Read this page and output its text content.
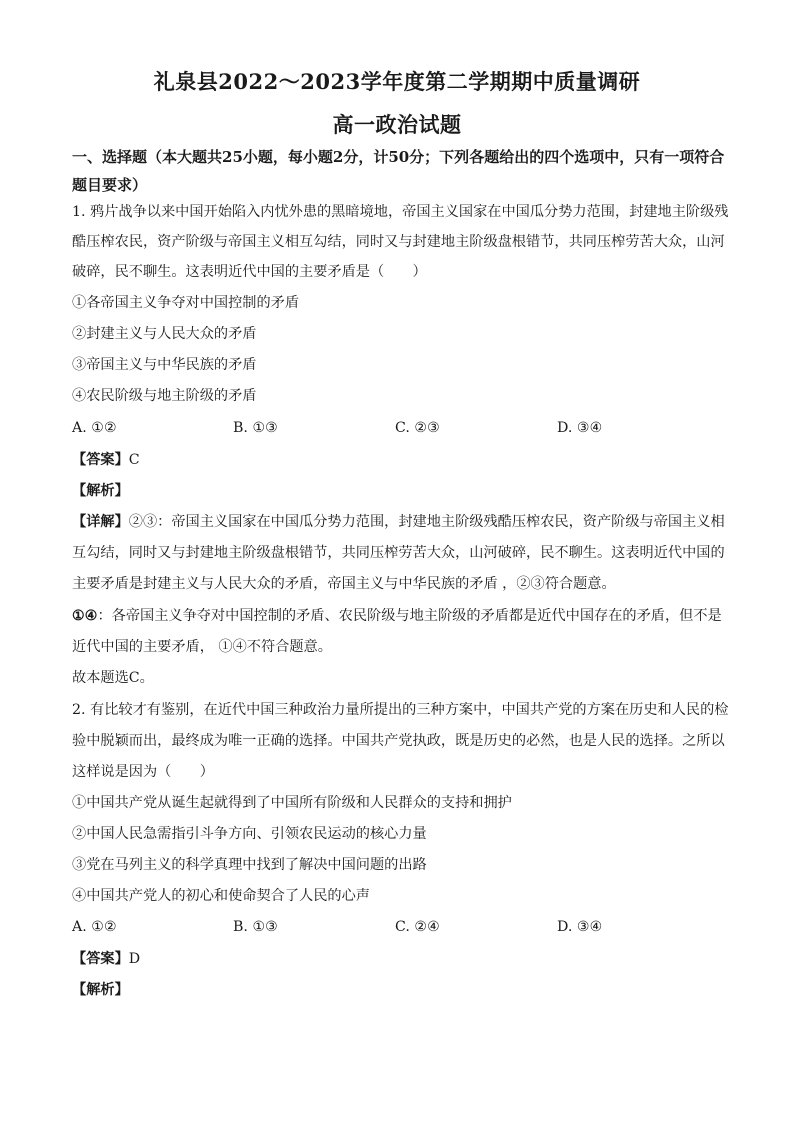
礼泉县2022～2023学年度第二学期期中质量调研
高一政治试题
一、选择题（本大题共25小题，每小题2分，计50分；下列各题给出的四个选项中，只有一项符合题目要求）
1. 鸦片战争以来中国开始陷入内忧外患的黑暗境地，帝国主义国家在中国瓜分势力范围，封建地主阶级残
酷压榨农民，资产阶级与帝国主义相互勾结，同时又与封建地主阶级盘根错节，共同压榨劳苦大众，山河
破碎，民不聊生。这表明近代中国的主要矛盾是（　　）
①各帝国主义争夺对中国控制的矛盾
②封建主义与人民大众的矛盾
③帝国主义与中华民族的矛盾
④农民阶级与地主阶级的矛盾
A. ①②	B. ①③	C. ②③	D. ③④
【答案】C
【解析】
【详解】②③：帝国主义国家在中国瓜分势力范围，封建地主阶级残酷压榨农民，资产阶级与帝国主义相
互勾结，同时又与封建地主阶级盘根错节，共同压榨劳苦大众，山河破碎，民不聊生。这表明近代中国的
主要矛盾是封建主义与人民大众的矛盾，帝国主义与中华民族的矛盾 ，②③符合题意。
①④：各帝国主义争夺对中国控制的矛盾、农民阶级与地主阶级的矛盾都是近代中国存在的矛盾，但不是
近代中国的主要矛盾， ①④不符合题意。
故本题选C。
2. 有比较才有鉴别，在近代中国三种政治力量所提出的三种方案中，中国共产党的方案在历史和人民的检
验中脱颖而出，最终成为唯一正确的选择。中国共产党执政，既是历史的必然，也是人民的选择。之所以
这样说是因为（　　）
①中国共产党从诞生起就得到了中国所有阶级和人民群众的支持和拥护
②中国人民急需指引斗争方向、引领农民运动的核心力量
③党在马列主义的科学真理中找到了解决中国问题的出路
④中国共产党人的初心和使命契合了人民的心声
A. ①②	B. ①③	C. ②④	D. ③④
【答案】D
【解析】
